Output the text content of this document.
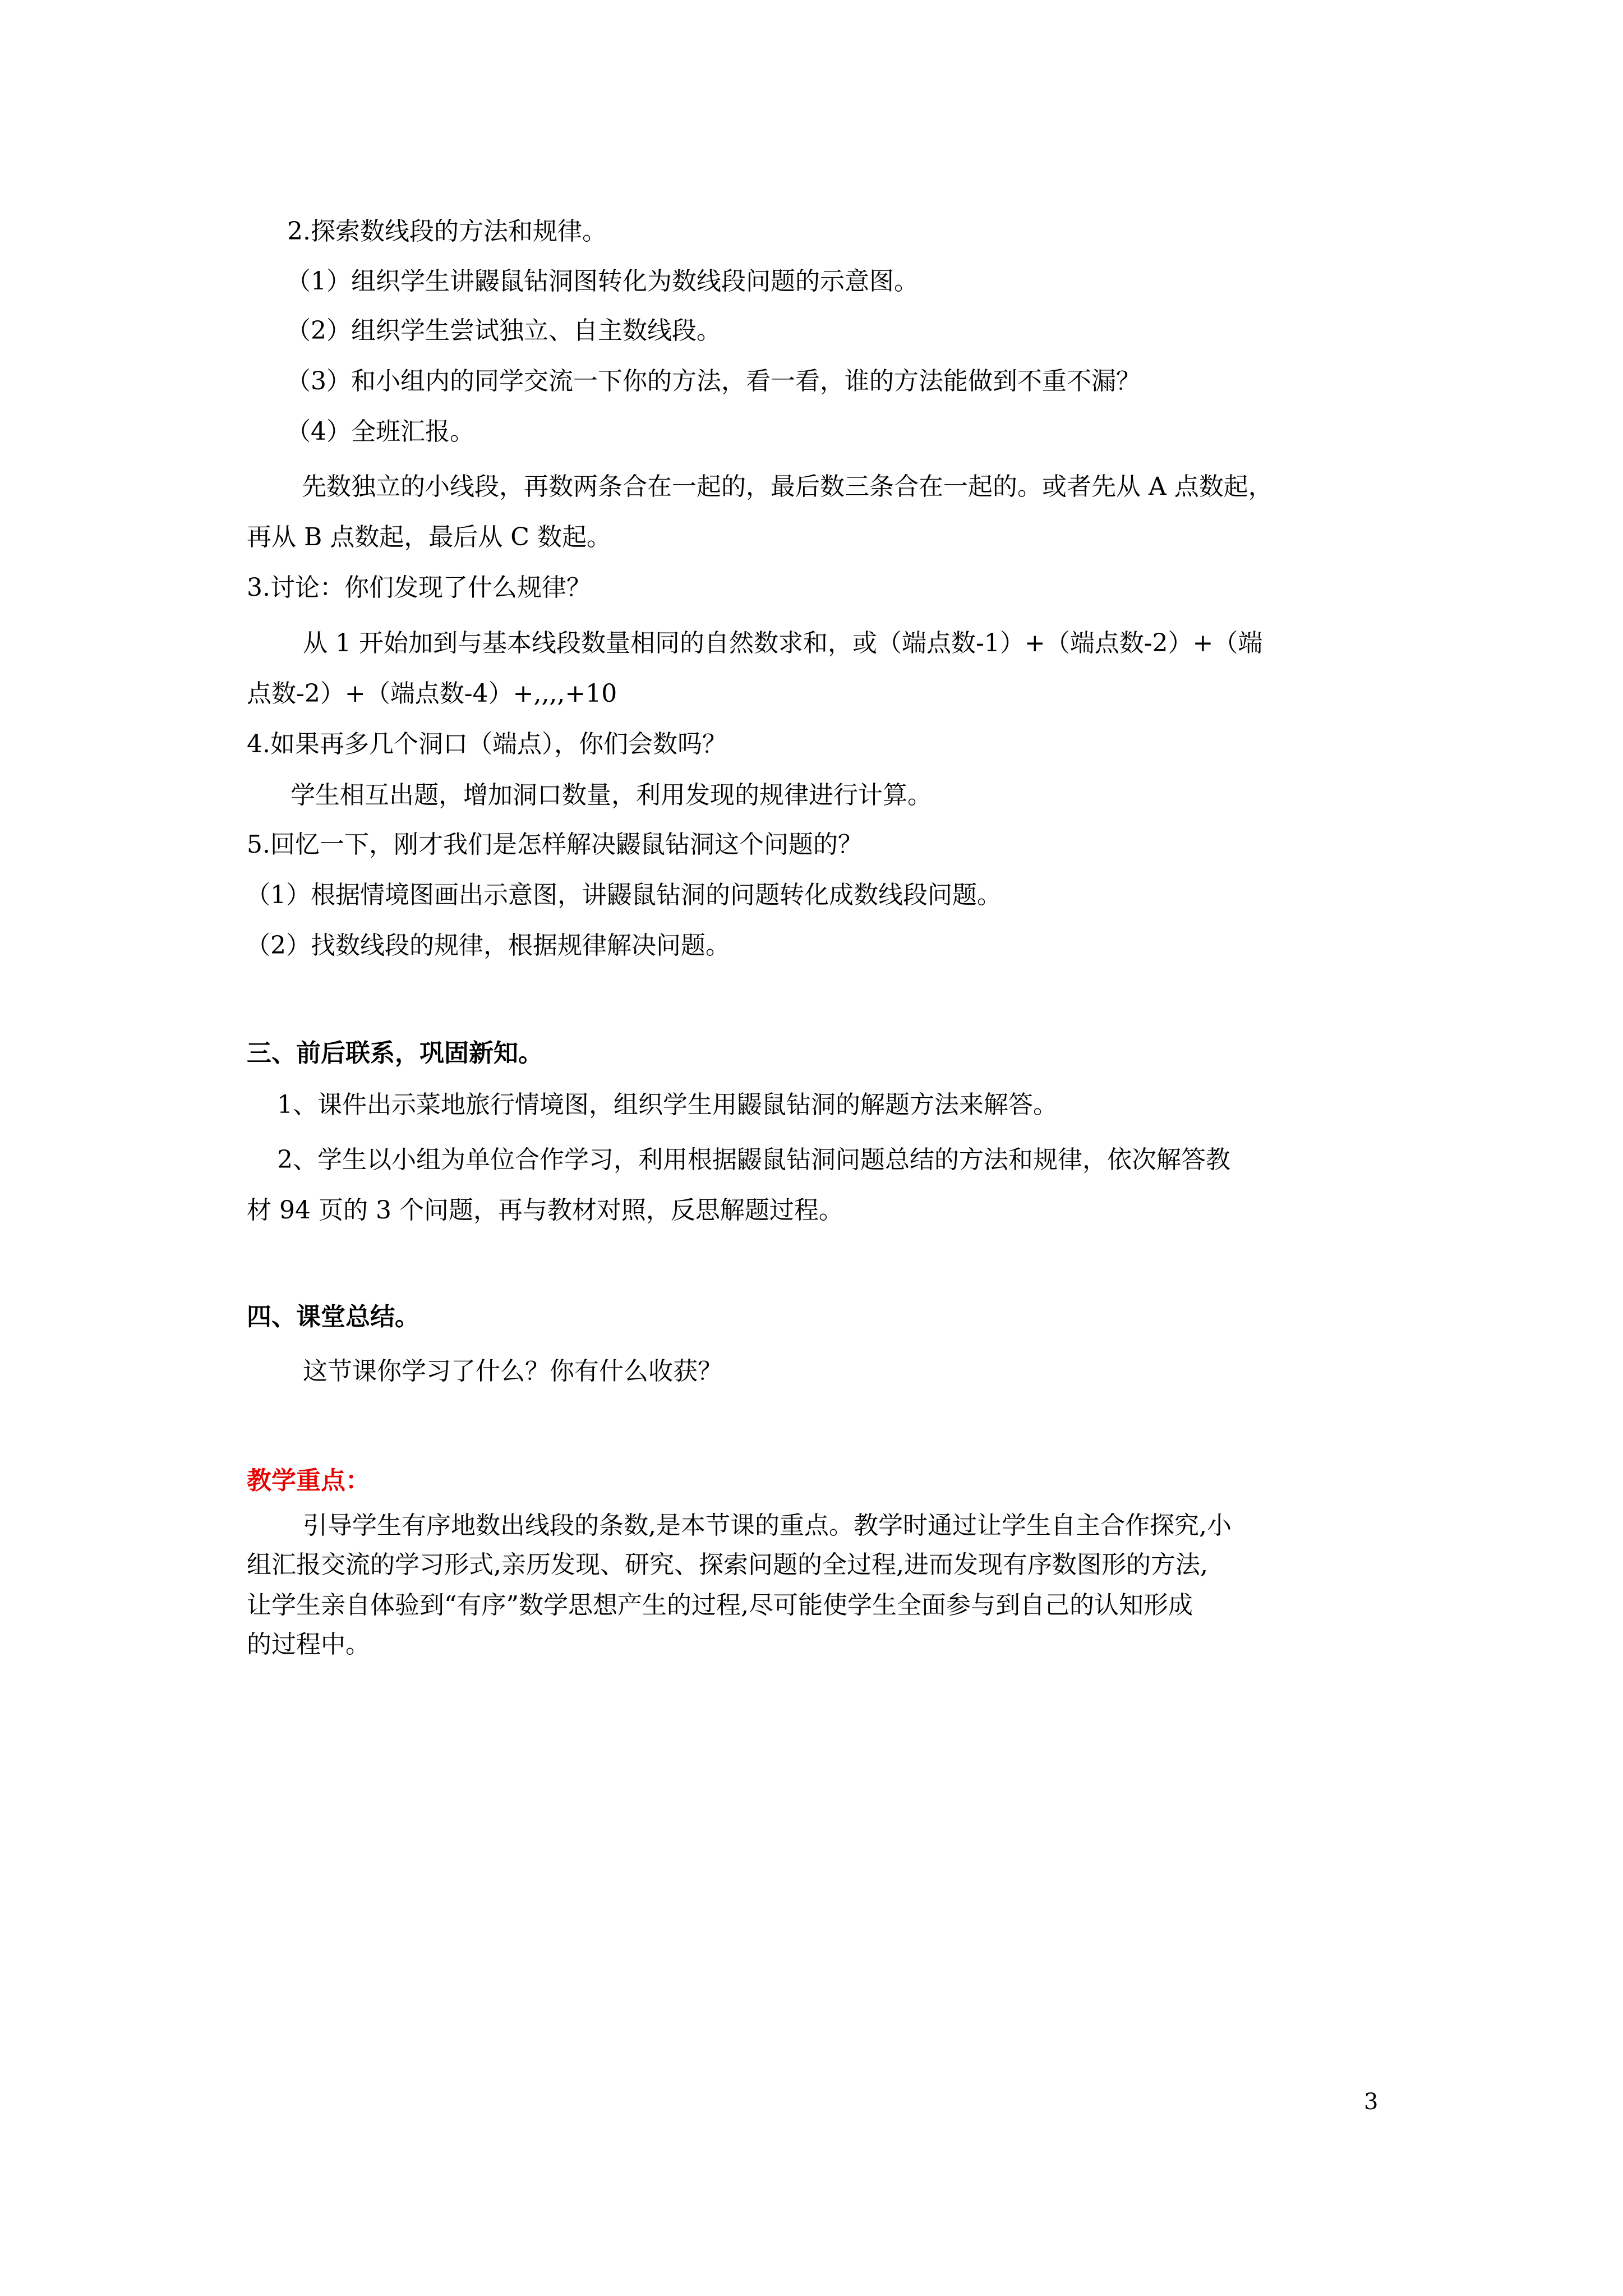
2.探索数线段的方法和规律。

（1）组织学生讲鼹鼠钻洞图转化为数线段问题的示意图。

（2）组织学生尝试独立、自主数线段。

（3）和小组内的同学交流一下你的方法，看一看，谁的方法能做到不重不漏？

（4）全班汇报。

先数独立的小线段，再数两条合在一起的，最后数三条合在一起的。或者先从 A 点数起，

再从 B 点数起，最后从 C 数起。

3.讨论：你们发现了什么规律？

从 1 开始加到与基本线段数量相同的自然数求和，或（端点数-1）+（端点数-2）+（端

点数-2）+（端点数-4）+,,,,+10

4.如果再多几个洞口（端点），你们会数吗？

学生相互出题，增加洞口数量，利用发现的规律进行计算。

5.回忆一下，刚才我们是怎样解决鼹鼠钻洞这个问题的？

（1）根据情境图画出示意图，讲鼹鼠钻洞的问题转化成数线段问题。

（2）找数线段的规律，根据规律解决问题。

三、前后联系，巩固新知。

1、课件出示菜地旅行情境图，组织学生用鼹鼠钻洞的解题方法来解答。

2、学生以小组为单位合作学习，利用根据鼹鼠钻洞问题总结的方法和规律，依次解答教

材 94 页的 3 个问题，再与教材对照，反思解题过程。

四、课堂总结。

这节课你学习了什么？你有什么收获？

教学重点：

引导学生有序地数出线段的条数,是本节课的重点。教学时通过让学生自主合作探究,小

组汇报交流的学习形式,亲历发现、研究、探索问题的全过程,进而发现有序数图形的方法,

让学生亲自体验到“有序”数学思想产生的过程,尽可能使学生全面参与到自己的认知形成

的过程中。

3
